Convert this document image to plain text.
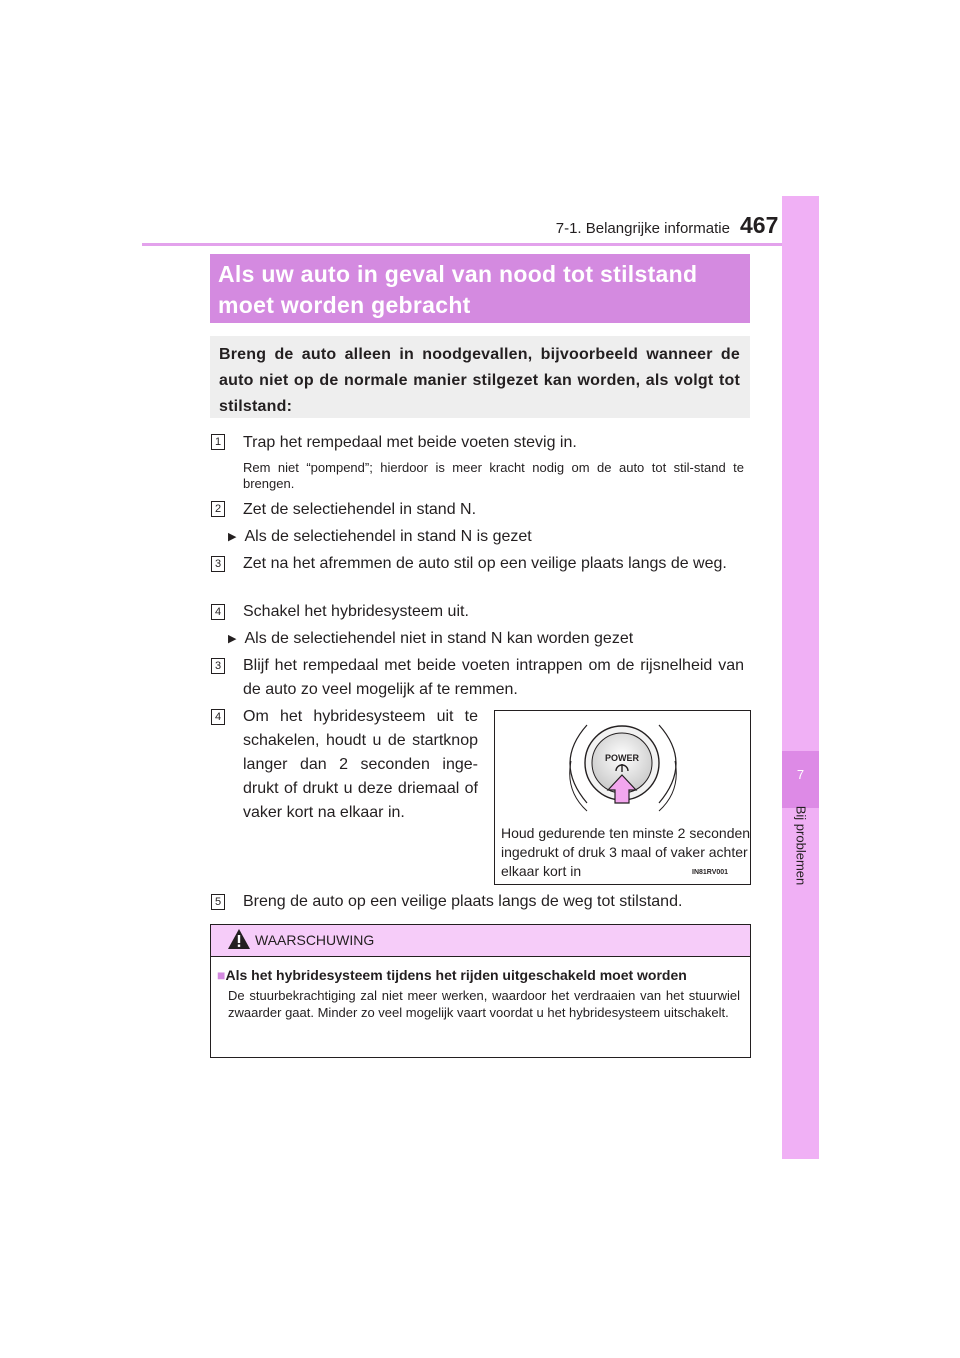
7-1. Belangrijke informatie 467
7
Bij problemen
Als uw auto in geval van nood tot stilstand moet worden gebracht
Breng de auto alleen in noodgevallen, bijvoorbeeld wanneer de auto niet op de normale manier stilgezet kan worden, als volgt tot stilstand:
1 Trap het rempedaal met beide voeten stevig in.
Rem niet “pompend”; hierdoor is meer kracht nodig om de auto tot stil-stand te brengen.
2 Zet de selectiehendel in stand N.
▶ Als de selectiehendel in stand N is gezet
3 Zet na het afremmen de auto stil op een veilige plaats langs de weg.
4 Schakel het hybridesysteem uit.
▶ Als de selectiehendel niet in stand N kan worden gezet
3 Blijf het rempedaal met beide voeten intrappen om de rijsnelheid van de auto zo veel mogelijk af te remmen.
4 Om het hybridesysteem uit te schakelen, houdt u de startknop langer dan 2 seconden inge-drukt of drukt u deze driemaal of vaker kort na elkaar in.
POWER
Houd gedurende ten minste 2 seconden ingedrukt of druk 3 maal of vaker achter elkaar kort in	IN81RV001
5 Breng de auto op een veilige plaats langs de weg tot stilstand.
WAARSCHUWING
■Als het hybridesysteem tijdens het rijden uitgeschakeld moet worden
De stuurbekrachtiging zal niet meer werken, waardoor het verdraaien van het stuurwiel zwaarder gaat. Minder zo veel mogelijk vaart voordat u het hybridesysteem uitschakelt.
